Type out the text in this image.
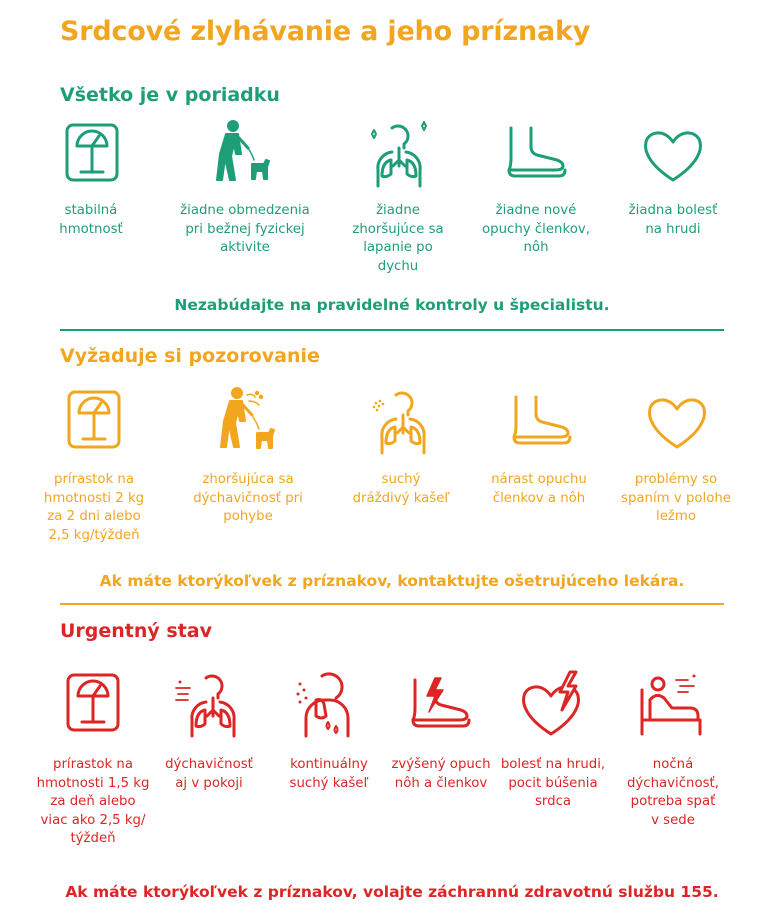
Srdcové zlyhávanie a jeho príznaky
Všetko je v poriadku
stabilná
hmotnosť
žiadne obmedzenia
pri bežnej fyzickej
aktivite
žiadne
zhoršujúce sa
lapanie po
dychu
žiadne nové
opuchy členkov,
nôh
žiadna bolesť
na hrudi
Nezabúdajte na pravidelné kontroly u špecialistu.
Vyžaduje si pozorovanie
prírastok na
hmotnosti 2 kg
za 2 dni alebo
2,5 kg/týždeň
zhoršujúca sa
dýchavičnosť pri
pohybe
suchý
dráždivý kašeľ
nárast opuchu
členkov a nôh
problémy so
spaním v polohe
ležmo
Ak máte ktorýkoľvek z príznakov, kontaktujte ošetrujúceho lekára.
Urgentný stav
prírastok na
hmotnosti 1,5 kg
za deň alebo
viac ako 2,5 kg/
týždeň
dýchavičnosť
aj v pokoji
kontinuálny
suchý kašeľ
zvýšený opuch
nôh a členkov
bolesť na hrudi,
pocit búšenia
srdca
nočná
dýchavičnosť,
potreba spať
v sede
Ak máte ktorýkoľvek z príznakov, volajte záchrannú zdravotnú službu 155.
